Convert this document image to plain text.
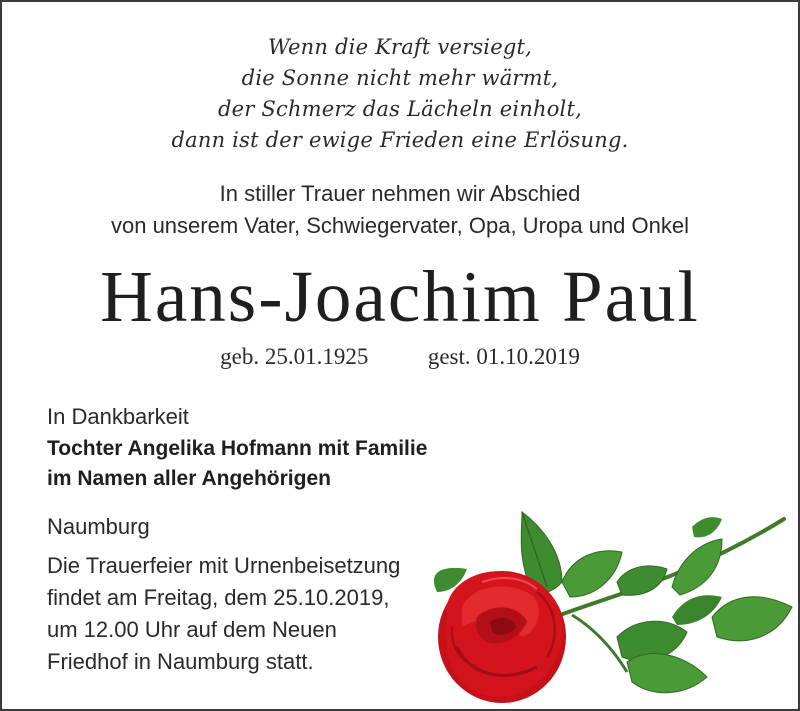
Wenn die Kraft versiegt,
die Sonne nicht mehr wärmt,
der Schmerz das Lächeln einholt,
dann ist der ewige Frieden eine Erlösung.
In stiller Trauer nehmen wir Abschied
von unserem Vater, Schwiegervater, Opa, Uropa und Onkel
Hans-Joachim Paul
geb. 25.01.1925	gest. 01.10.2019
In Dankbarkeit
Tochter Angelika Hofmann mit Familie
im Namen aller Angehörigen
Naumburg
Die Trauerfeier mit Urnenbeisetzung
findet am Freitag, dem 25.10.2019,
um 12.00 Uhr auf dem Neuen
Friedhof in Naumburg statt.
